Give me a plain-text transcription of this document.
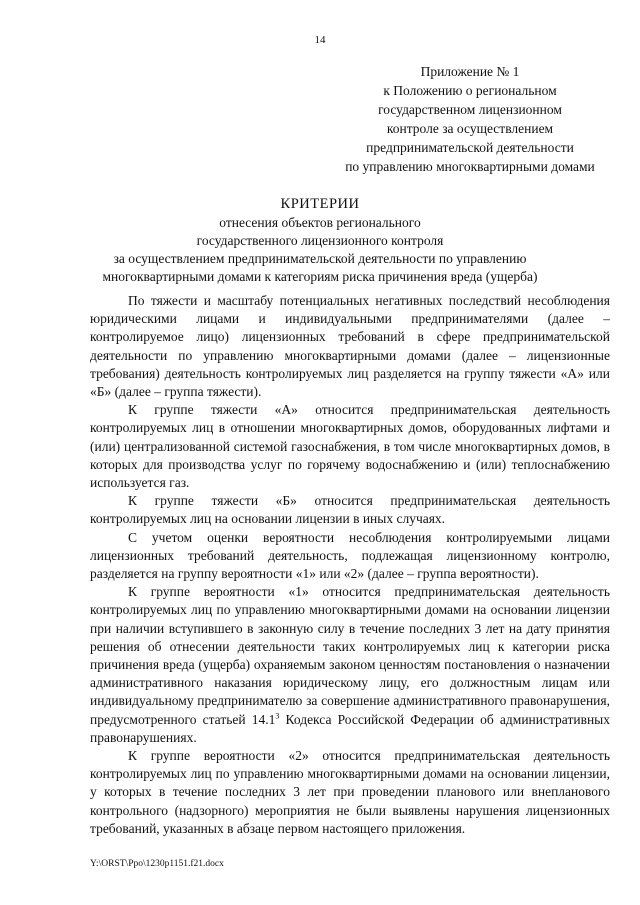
14
Приложение № 1
к Положению о региональном
государственном лицензионном
контроле за осуществлением
предпринимательской деятельности
по управлению многоквартирными домами
КРИТЕРИИ
отнесения объектов регионального
государственного лицензионного контроля
за осуществлением предпринимательской деятельности по управлению
многоквартирными домами к категориям риска причинения вреда (ущерба)

По тяжести и масштабу потенциальных негативных последствий несоблюдения юридическими лицами и индивидуальными предпринимателями (далее – контролируемое лицо) лицензионных требований в сфере предпринимательской деятельности по управлению многоквартирными домами (далее – лицензионные требования) деятельность контролируемых лиц разделяется на группу тяжести «А» или «Б» (далее – группа тяжести).

К группе тяжести «А» относится предпринимательская деятельность контролируемых лиц в отношении многоквартирных домов, оборудованных лифтами и (или) централизованной системой газоснабжения, в том числе многоквартирных домов, в которых для производства услуг по горячему водоснабжению и (или) теплоснабжению используется газ.

К группе тяжести «Б» относится предпринимательская деятельность контролируемых лиц на основании лицензии в иных случаях.

С учетом оценки вероятности несоблюдения контролируемыми лицами лицензионных требований деятельность, подлежащая лицензионному контролю, разделяется на группу вероятности «1» или «2» (далее – группа вероятности).

К группе вероятности «1» относится предпринимательская деятельность контролируемых лиц по управлению многоквартирными домами на основании лицензии при наличии вступившего в законную силу в течение последних 3 лет на дату принятия решения об отнесении деятельности таких контролируемых лиц к категории риска причинения вреда (ущерба) охраняемым законом ценностям постановления о назначении административного наказания юридическому лицу, его должностным лицам или индивидуальному предпринимателю за совершение административного правонарушения, предусмотренного статьей 14.1$^3$ Кодекса Российской Федерации об административных правонарушениях.

К группе вероятности «2» относится предпринимательская деятельность контролируемых лиц по управлению многоквартирными домами на основании лицензии, у которых в течение последних 3 лет при проведении планового или внепланового контрольного (надзорного) мероприятия не были выявлены нарушения лицензионных требований, указанных в абзаце первом настоящего приложения.

Y:\ORST\Ppo\1230p1151.f21.docx
